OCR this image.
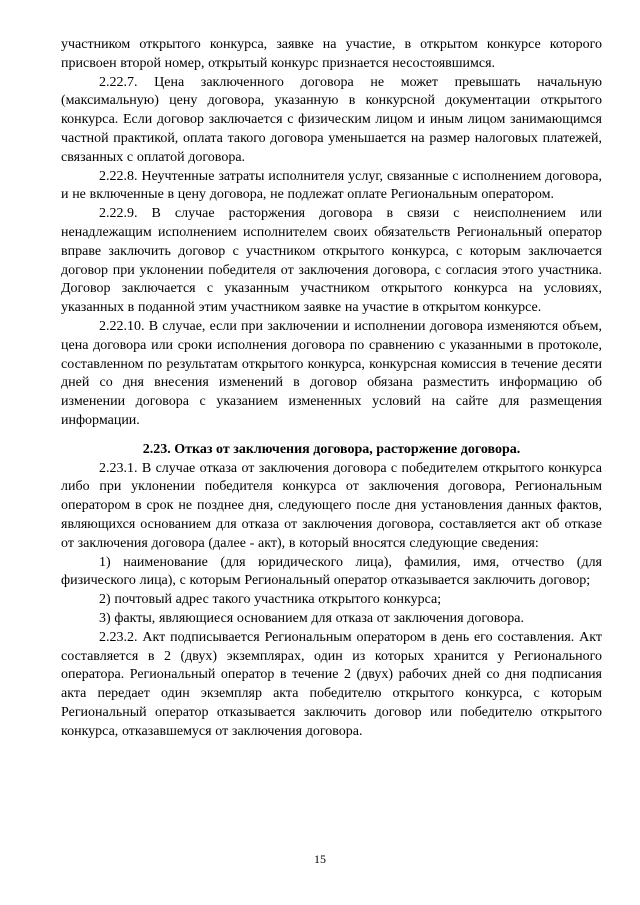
участником открытого конкурса, заявке на участие, в открытом конкурсе которого присвоен второй номер, открытый конкурс признается несостоявшимся.

2.22.7. Цена заключенного договора не может превышать начальную (максимальную) цену договора, указанную в конкурсной документации открытого конкурса. Если договор заключается с физическим лицом и иным лицом занимающимся частной практикой, оплата такого договора уменьшается на размер налоговых платежей, связанных с оплатой договора.

2.22.8. Неучтенные затраты исполнителя услуг, связанные с исполнением договора, и не включенные в цену договора, не подлежат оплате Региональным оператором.

2.22.9. В случае расторжения договора в связи с неисполнением или ненадлежащим исполнением исполнителем своих обязательств Региональный оператор вправе заключить договор с участником открытого конкурса, с которым заключается договор при уклонении победителя от заключения договора, с согласия этого участника. Договор заключается с указанным участником открытого конкурса на условиях, указанных в поданной этим участником заявке на участие в открытом конкурсе.

2.22.10. В случае, если при заключении и исполнении договора изменяются объем, цена договора или сроки исполнения договора по сравнению с указанными в протоколе, составленном по результатам открытого конкурса, конкурсная комиссия в течение десяти дней со дня внесения изменений в договор обязана разместить информацию об изменении договора с указанием измененных условий на сайте для размещения информации.

2.23. Отказ от заключения договора, расторжение договора.

2.23.1. В случае отказа от заключения договора с победителем открытого конкурса либо при уклонении победителя конкурса от заключения договора, Региональным оператором в срок не позднее дня, следующего после дня установления данных фактов, являющихся основанием для отказа от заключения договора, составляется акт об отказе от заключения договора (далее - акт), в который вносятся следующие сведения:

1) наименование (для юридического лица), фамилия, имя, отчество (для физического лица), с которым Региональный оператор отказывается заключить договор;

2) почтовый адрес такого участника открытого конкурса;

3) факты, являющиеся основанием для отказа от заключения договора.

2.23.2. Акт подписывается Региональным оператором в день его составления. Акт составляется в 2 (двух) экземплярах, один из которых хранится у Регионального оператора. Региональный оператор в течение 2 (двух) рабочих дней со дня подписания акта передает один экземпляр акта победителю открытого конкурса, с которым Региональный оператор отказывается заключить договор или победителю открытого конкурса, отказавшемуся от заключения договора.

15
